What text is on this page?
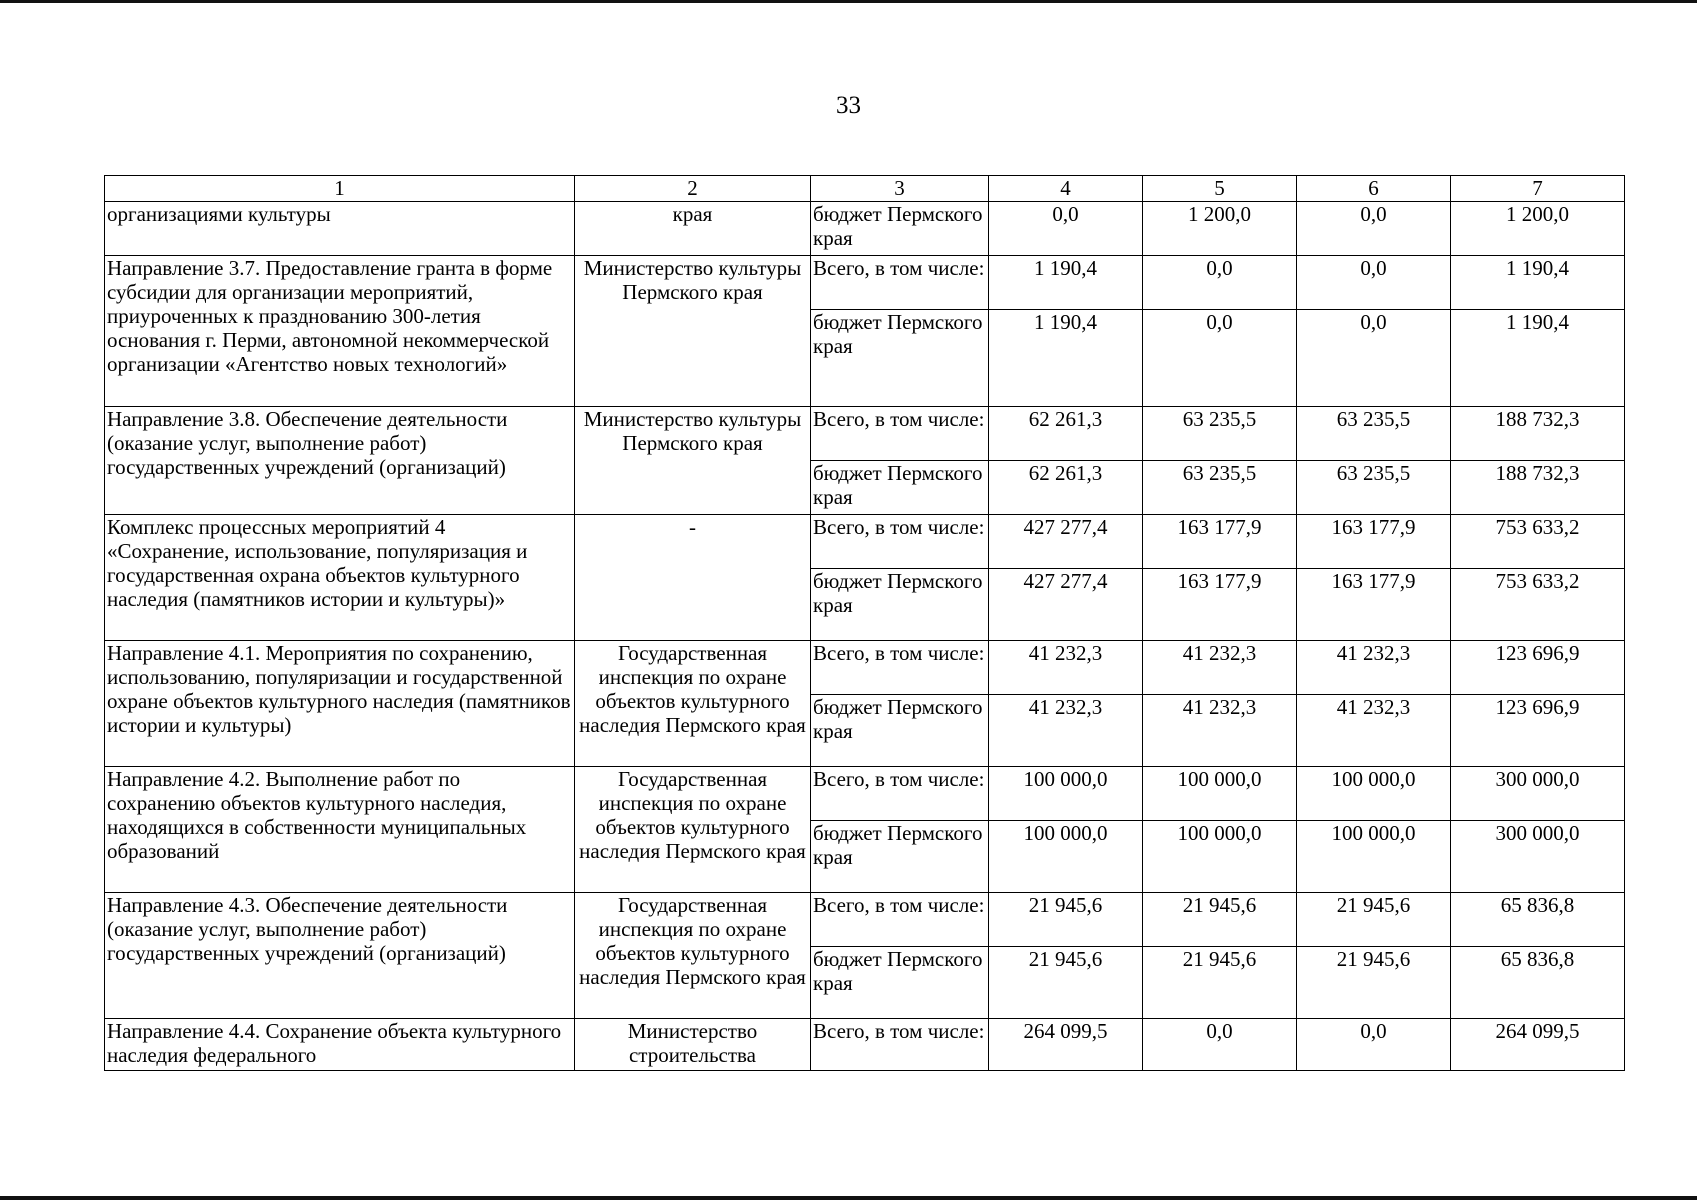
33
1	2	3	4	5	6	7
организациями культуры	края	бюджет Пермского края	0,0	1 200,0	0,0	1 200,0
Направление 3.7. Предоставление гранта в форме субсидии для организации мероприятий, приуроченных к празднованию 300-летия основания г. Перми, автономной некоммерческой организации «Агентство новых технологий»	Министерство культуры Пермского края	Всего, в том числе:	1 190,4	0,0	0,0	1 190,4
		бюджет Пермского края	1 190,4	0,0	0,0	1 190,4
Направление 3.8. Обеспечение деятельности (оказание услуг, выполнение работ) государственных учреждений (организаций)	Министерство культуры Пермского края	Всего, в том числе:	62 261,3	63 235,5	63 235,5	188 732,3
		бюджет Пермского края	62 261,3	63 235,5	63 235,5	188 732,3
Комплекс процессных мероприятий 4 «Сохранение, использование, популяризация и государственная охрана объектов культурного наследия (памятников истории и культуры)»	-	Всего, в том числе:	427 277,4	163 177,9	163 177,9	753 633,2
		бюджет Пермского края	427 277,4	163 177,9	163 177,9	753 633,2
Направление 4.1. Мероприятия по сохранению, использованию, популяризации и государственной охране объектов культурного наследия (памятников истории и культуры)	Государственная инспекция по охране объектов культурного наследия Пермского края	Всего, в том числе:	41 232,3	41 232,3	41 232,3	123 696,9
		бюджет Пермского края	41 232,3	41 232,3	41 232,3	123 696,9
Направление 4.2. Выполнение работ по сохранению объектов культурного наследия, находящихся в собственности муниципальных образований	Государственная инспекция по охране объектов культурного наследия Пермского края	Всего, в том числе:	100 000,0	100 000,0	100 000,0	300 000,0
		бюджет Пермского края	100 000,0	100 000,0	100 000,0	300 000,0
Направление 4.3. Обеспечение деятельности (оказание услуг, выполнение работ) государственных учреждений (организаций)	Государственная инспекция по охране объектов культурного наследия Пермского края	Всего, в том числе:	21 945,6	21 945,6	21 945,6	65 836,8
		бюджет Пермского края	21 945,6	21 945,6	21 945,6	65 836,8
Направление 4.4. Сохранение объекта культурного наследия федерального	Министерство строительства	Всего, в том числе:	264 099,5	0,0	0,0	264 099,5
